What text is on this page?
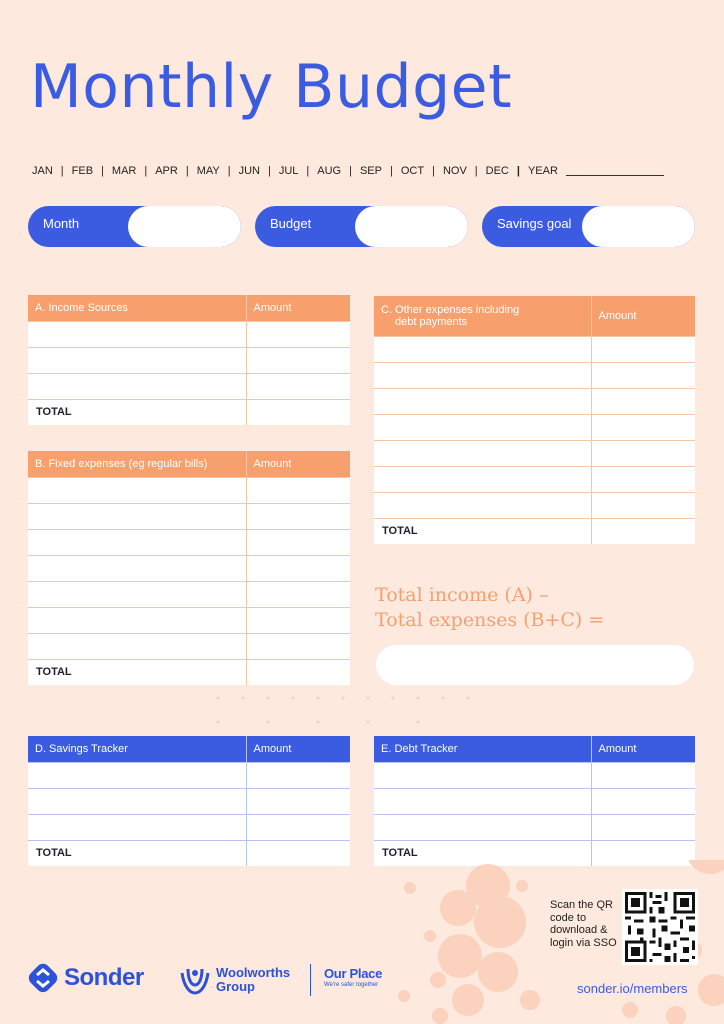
Monthly Budget
JAN | FEB | MAR | APR | MAY | JUN | JUL | AUG | SEP | OCT | NOV | DEC | YEAR
Month	Budget	Savings goal
A. Income Sources	Amount

TOTAL	
B. Fixed expenses (eg regular bills)	Amount

TOTAL	
C. Other expenses including
debt payments	Amount

TOTAL	
Total income (A) –
Total expenses (B+C) =
D. Savings Tracker	Amount

TOTAL	
E. Debt Tracker	Amount

TOTAL	
Scan the QR code to download & login via SSO
sonder.io/members
Sonder	Woolworths
Group
Our Place
We're safer together
